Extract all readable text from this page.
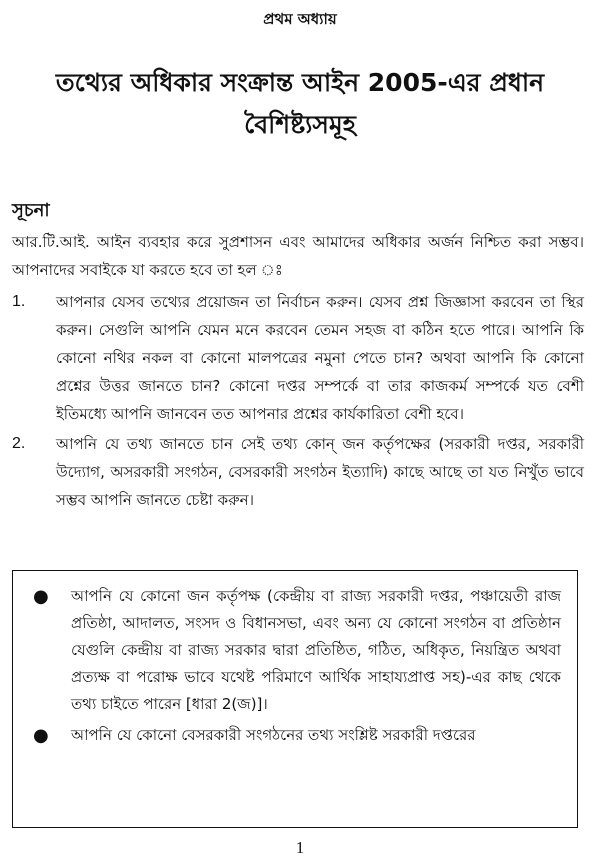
প্রথম অধ্যায়
তথ্যের অধিকার সংক্রান্ত আইন 2005-এর প্রধান
বৈশিষ্ট্যসমূহ
সূচনা
আর.টি.আই. আইন ব্যবহার করে সুপ্রশাসন এবং আমাদের অধিকার অর্জন নিশ্চিত করা সম্ভব। আপনাদের সবাইকে যা করতে হবে তা হল ঃ
1.	আপনার যেসব তথ্যের প্রয়োজন তা নির্বাচন করুন। যেসব প্রশ্ন জিজ্ঞাসা করবেন তা স্থির করুন। সেগুলি আপনি যেমন মনে করবেন তেমন সহজ বা কঠিন হতে পারে। আপনি কি কোনো নথির নকল বা কোনো মালপত্রের নমুনা পেতে চান? অথবা আপনি কি কোনো প্রশ্নের উত্তর জানতে চান? কোনো দপ্তর সম্পর্কে বা তার কাজকর্ম সম্পর্কে যত বেশী ইতিমধ্যে আপনি জানবেন তত আপনার প্রশ্নের কার্যকারিতা বেশী হবে।
2.	আপনি যে তথ্য জানতে চান সেই তথ্য কোন্ জন কর্তৃপক্ষের (সরকারী দপ্তর, সরকারী উদ্যোগ, অসরকারী সংগঠন, বেসরকারী সংগঠন ইত্যাদি) কাছে আছে তা যত নিখুঁত ভাবে সম্ভব আপনি জানতে চেষ্টা করুন।
●	আপনি যে কোনো জন কর্তৃপক্ষ (কেন্দ্রীয় বা রাজ্য সরকারী দপ্তর, পঞ্চায়েতী রাজ প্রতিষ্ঠা, আদালত, সংসদ ও বিধানসভা, এবং অন্য যে কোনো সংগঠন বা প্রতিষ্ঠান যেগুলি কেন্দ্রীয় বা রাজ্য সরকার দ্বারা প্রতিষ্ঠিত, গঠিত, অধিকৃত, নিয়ন্ত্রিত অথবা প্রত্যক্ষ বা পরোক্ষ ভাবে যথেষ্ট পরিমাণে আর্থিক সাহায্যপ্রাপ্ত সহ)-এর কাছ থেকে তথ্য চাইতে পারেন [ধারা 2(জ)]।
●	আপনি যে কোনো বেসরকারী সংগঠনের তথ্য সংশ্লিষ্ট সরকারী দপ্তরের
1
